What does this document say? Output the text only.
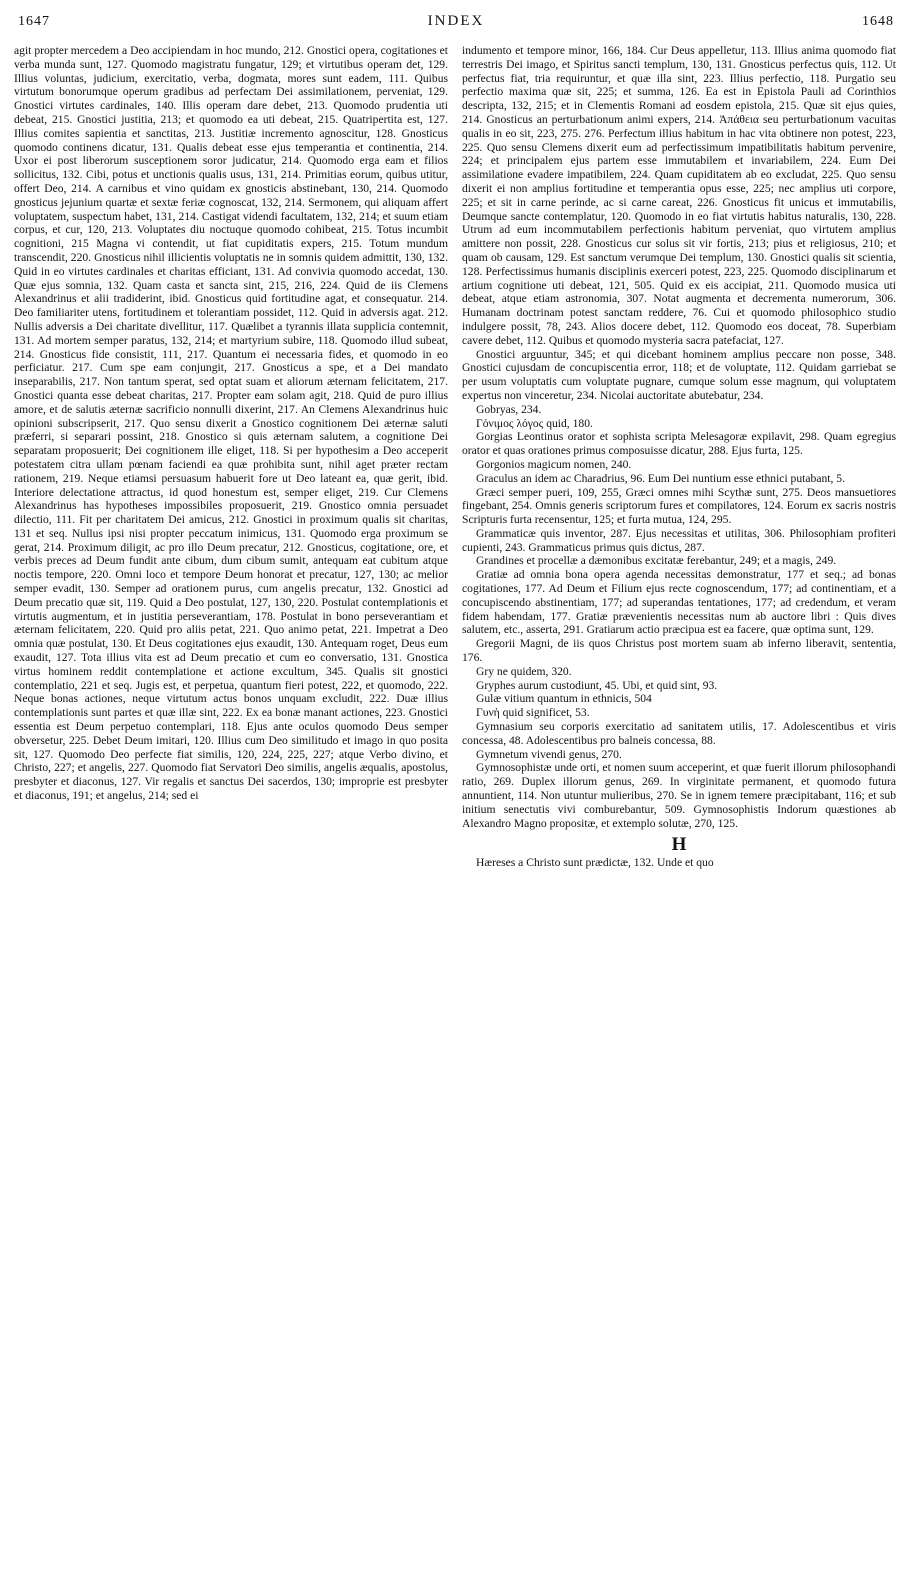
1647	INDEX	1648

agit propter mercedem a Deo accipiendam in hoc mundo, 212. Gnostici opera, cogitationes et verba munda sunt, 127. Quomodo magistratu fungatur, 129; et virtutibus operam det, 129. Illius voluntas, judicium, exercitatio, verba, dogmata, mores sunt eadem, 111. Quibus virtutum bonorumque operum gradibus ad perfectam Dei assimilationem, perveniat, 129. Gnostici virtutes cardinales, 140. Illis operam dare debet, 213. Quomodo prudentia uti debeat, 215. Gnostici justitia, 213; et quomodo ea uti debeat, 215. Quatripertita est, 127. Illius comites sapientia et sanctitas, 213. Justitiæ incremento agnoscitur, 128. Gnosticus quomodo continens dicatur, 131. Qualis debeat esse ejus temperantia et continentia, 214. Uxor ei post liberorum susceptionem soror judicatur, 214. Quomodo erga eam et filios sollicitus, 132. Cibi, potus et unctionis qualis usus, 131, 214. Primitias eorum, quibus utitur, offert Deo, 214. A carnibus et vino quidam ex gnosticis abstinebant, 130, 214. Quomodo gnosticus jejunium quartæ et sextæ feriæ cognoscat, 132, 214. Sermonem, qui aliquam affert voluptatem, suspectum habet, 131, 214. Castigat videndi facultatem, 132, 214; et suum etiam corpus, et cur, 120, 213. Voluptates diu noctuque quomodo cohibeat, 215. Totus incumbit cognitioni, 215 Magna vi contendit, ut fiat cupiditatis expers, 215. Totum mundum transcendit, 220. Gnosticus nihil illicientis voluptatis ne in somnis quidem admittit, 130, 132. Quid in eo virtutes cardinales et charitas efficiant, 131. Ad convivia quomodo accedat, 130. Quæ ejus somnia, 132. Quam casta et sancta sint, 215, 216, 224. Quid de iis Clemens Alexandrinus et alii tradiderint, ibid. Gnosticus quid fortitudine agat, et consequatur. 214. Deo familiariter utens, fortitudinem et tolerantiam possidet, 112. Quid in adversis agat. 212. Nullis adversis a Dei charitate divellitur, 117. Quælibet a tyrannis illata supplicia contemnit, 131. Ad mortem semper paratus, 132, 214; et martyrium subire, 118. Quomodo illud subeat, 214. Gnosticus fide consistit, 111, 217. Quantum ei necessaria fides, et quomodo in eo perficiatur. 217. Cum spe eam conjungit, 217. Gnosticus a spe, et a Dei mandato inseparabilis, 217. Non tantum sperat, sed optat suam et aliorum æternam felicitatem, 217. Gnostici quanta esse debeat charitas, 217. Propter eam solam agit, 218. Quid de puro illius amore, et de salutis æternæ sacrificio nonnulli dixerint, 217. An Clemens Alexandrinus huic opinioni subscripserit, 217. Quo sensu dixerit a Gnostico cognitionem Dei æternæ saluti præferri, si separari possint, 218. Gnostico si quis æternam salutem, a cognitione Dei separatam proposuerit; Dei cognitionem ille eliget, 118. Si per hypothesim a Deo acceperit potestatem citra ullam pœnam faciendi ea quæ prohibita sunt, nihil aget præter rectam rationem, 219. Neque etiamsi persuasum habuerit fore ut Deo lateant ea, quæ gerit, ibid. Interiore delectatione attractus, id quod honestum est, semper eliget, 219. Cur Clemens Alexandrinus has hypotheses impossibiles proposuerit, 219. Gnostico omnia persuadet dilectio, 111. Fit per charitatem Dei amicus, 212. Gnostici in proximum qualis sit charitas, 131 et seq. Nullus ipsi nisi propter peccatum inimicus, 131. Quomodo erga proximum se gerat, 214. Proximum diligit, ac pro illo Deum precatur, 212. Gnosticus, cogitatione, ore, et verbis preces ad Deum fundit ante cibum, dum cibum sumit, antequam eat cubitum atque noctis tempore, 220. Omni loco et tempore Deum honorat et precatur, 127, 130; ac melior semper evadit, 130. Semper ad orationem purus, cum angelis precatur, 132. Gnostici ad Deum precatio quæ sit, 119. Quid a Deo postulat, 127, 130, 220. Postulat contemplationis et virtutis augmentum, et in justitia perseverantiam, 178. Postulat in bono perseverantiam et æternam felicitatem, 220. Quid pro aliis petat, 221. Quo animo petat, 221. Impetrat a Deo omnia quæ postulat, 130. Et Deus cogitationes ejus exaudit, 130. Antequam roget, Deus eum exaudit, 127. Tota illius vita est ad Deum precatio et cum eo conversatio, 131. Gnostica virtus hominem reddit contemplatione et actione excultum, 345. Qualis sit gnostici contemplatio, 221 et seq. Jugis est, et perpetua, quantum fieri potest, 222, et quomodo, 222. Neque bonas actiones, neque virtutum actus bonos unquam excludit, 222. Duæ illius contemplationis sunt partes et quæ illæ sint, 222. Ex ea bonæ manant actiones, 223. Gnostici essentia est Deum perpetuo contemplari, 118. Ejus ante oculos quomodo Deus semper obversetur, 225. Debet Deum imitari, 120. Illius cum Deo similitudo et imago in quo posita sit, 127. Quomodo Deo perfecte fiat similis, 120, 224, 225, 227; atque Verbo divino, et Christo, 227; et angelis, 227. Quomodo fiat Servatori Deo similis, angelis æqualis, apostolus, presbyter et diaconus, 127. Vir regalis et sanctus Dei sacerdos, 130; improprie est presbyter et diaconus, 191; et angelus, 214; sed ei

indumento et tempore minor, 166, 184. Cur Deus appelletur, 113. Illius anima quomodo fiat terrestris Dei imago, et Spiritus sancti templum, 130, 131. Gnosticus perfectus quis, 112. Ut perfectus fiat, tria requiruntur, et quæ illa sint, 223. Illius perfectio, 118. Purgatio seu perfectio maxima quæ sit, 225; et summa, 126. Ea est in Epistola Pauli ad Corinthios descripta, 132, 215; et in Clementis Romani ad eosdem epistola, 215. Quæ sit ejus quies, 214. Gnosticus an perturbationum animi expers, 214. Ἀπάθεια seu perturbationum vacuitas qualis in eo sit, 223, 275. 276. Perfectum illius habitum in hac vita obtinere non potest, 223, 225. Quo sensu Clemens dixerit eum ad perfectissimum impatibilitatis habitum pervenire, 224; et principalem ejus partem esse immutabilem et invariabilem, 224. Eum Dei assimilatione evadere impatibilem, 224. Quam cupiditatem ab eo excludat, 225. Quo sensu dixerit ei non amplius fortitudine et temperantia opus esse, 225; nec amplius uti corpore, 225; et sit in carne perinde, ac si carne careat, 226. Gnosticus fit unicus et immutabilis, Deumque sancte contemplatur, 120. Quomodo in eo fiat virtutis habitus naturalis, 130, 228. Utrum ad eum incommutabilem perfectionis habitum perveniat, quo virtutem amplius amittere non possit, 228. Gnosticus cur solus sit vir fortis, 213; pius et religiosus, 210; et quam ob causam, 129. Est sanctum verumque Dei templum, 130. Gnostici qualis sit scientia, 128. Perfectissimus humanis disciplinis exerceri potest, 223, 225. Quomodo disciplinarum et artium cognitione uti debeat, 121, 505. Quid ex eis accipiat, 211. Quomodo musica uti debeat, atque etiam astronomia, 307. Notat augmenta et decrementa numerorum, 306. Humanam doctrinam potest sanctam reddere, 76. Cui et quomodo philosophico studio indulgere possit, 78, 243. Alios docere debet, 112. Quomodo eos doceat, 78. Superbiam cavere debet, 112. Quibus et quomodo mysteria sacra patefaciat, 127.

Gnostici arguuntur, 345; et qui dicebant hominem amplius peccare non posse, 348. Gnostici cujusdam de concupiscentia error, 118; et de voluptate, 112. Quidam garriebat se per usum voluptatis cum voluptate pugnare, cumque solum esse magnum, qui voluptatem expertus non vinceretur, 234. Nicolai auctoritate abutebatur, 234.

Gobryas, 234.

Γόνιμος λόγος quid, 180.

Gorgias Leontinus orator et sophista scripta Melesagoræ expilavit, 298. Quam egregius orator et quas orationes primus composuisse dicatur, 288. Ejus furta, 125.

Gorgonios magicum nomen, 240.

Graculus an idem ac Charadrius, 96. Eum Dei nuntium esse ethnici putabant, 5.

Græci semper pueri, 109, 255, Græci omnes mihi Scythæ sunt, 275. Deos mansuetiores fingebant, 254. Omnis generis scriptorum fures et compilatores, 124. Eorum ex sacris nostris Scripturis furta recensentur, 125; et furta mutua, 124, 295.

Grammaticæ quis inventor, 287. Ejus necessitas et utilitas, 306. Philosophiam profiteri cupienti, 243. Grammaticus primus quis dictus, 287.

Grandines et procellæ a dæmonibus excitatæ ferebantur, 249; et a magis, 249.

Gratiæ ad omnia bona opera agenda necessitas demonstratur, 177 et seq.; ad bonas cogitationes, 177. Ad Deum et Filium ejus recte cognoscendum, 177; ad continentiam, et a concupiscendo abstinentiam, 177; ad superandas tentationes, 177; ad credendum, et veram fidem habendam, 177. Gratiæ prævenientis necessitas num ab auctore libri : Quis dives salutem, etc., asserta, 291. Gratiarum actio præcipua est ea facere, quæ optima sunt, 129.

Gregorii Magni, de iis quos Christus post mortem suam ab inferno liberavit, sententia, 176.

Gry ne quidem, 320.

Gryphes aurum custodiunt, 45. Ubi, et quid sint, 93.

Gulæ vitium quantum in ethnicis, 504

Γυνὴ quid significet, 53.

Gymnasium seu corporis exercitatio ad sanitatem utilis, 17. Adolescentibus et viris concessa, 48. Adolescentibus pro balneis concessa, 88.

Gymnetum vivendi genus, 270.

Gymnosophistæ unde orti, et nomen suum acceperint, et quæ fuerit illorum philosophandi ratio, 269. Duplex illorum genus, 269. In virginitate permanent, et quomodo futura annuntient, 114. Non utuntur mulieribus, 270. Se in ignem temere præcipitabant, 116; et sub initium senectutis vivi comburebantur, 509. Gymnosophistis Indorum quæstiones ab Alexandro Magno propositæ, et extemplo solutæ, 270, 125.

H

Hæreses a Christo sunt prædictæ, 132. Unde et quo
